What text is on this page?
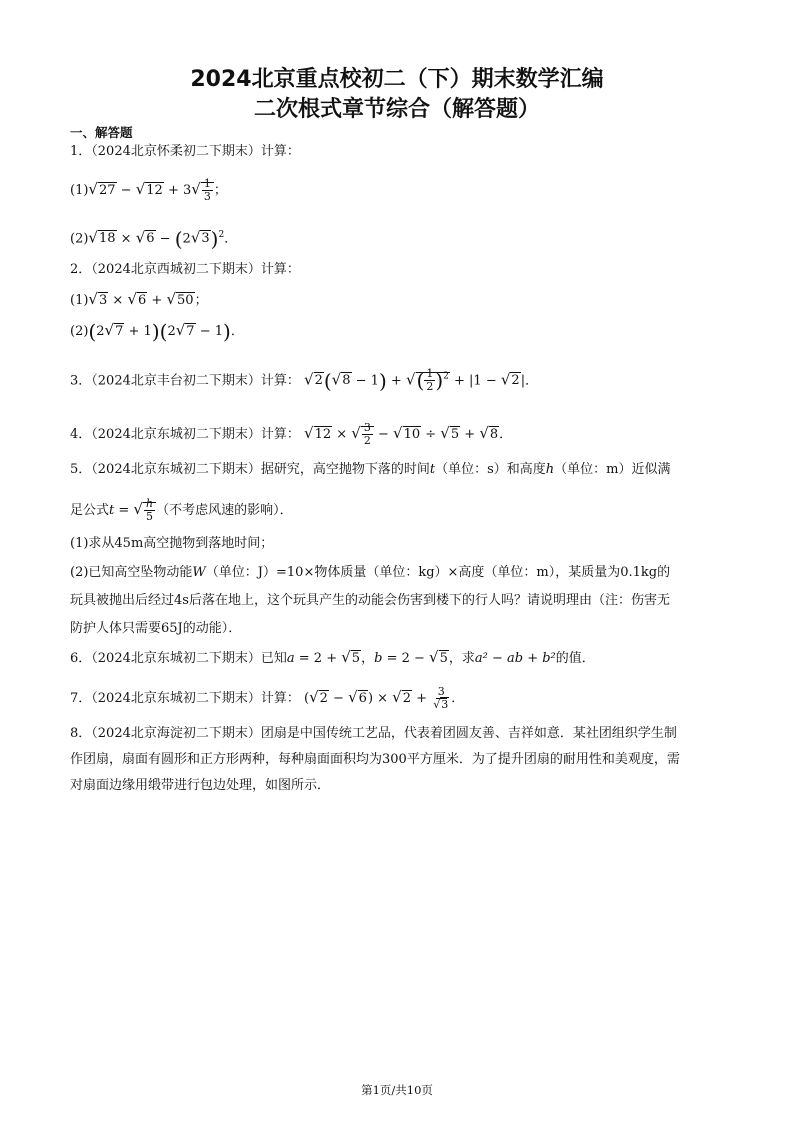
2024北京重点校初二（下）期末数学汇编
二次根式章节综合（解答题）
一、解答题
1．（2024北京怀柔初二下期末）计算：
$(1)√27 - √12 + 3√ \frac{1}{3}$ ；
$(2)√18 \times √6 - (2√3)^2$．
2．（2024北京西城初二下期末）计算：
(1)√3 × √6 + √50；
(2)(2√7 + 1)(2√7 − 1)．
3．（2024北京丰台初二下期末）计算： √2(√8 − 1) + √( $\frac{1}{2} )^2 + |1 - √2|$．
4．（2024北京东城初二下期末）计算： √12 × √ $\frac{3}{2} - √10 \div √5 + √8$．
5．（2024北京东城初二下期末）据研究，高空抛物下落的时间t（单位：s）和高度h（单位：m）近似满
足公式t = √ $\frac{h}{5}$ （不考虑风速的影响）．
(1)求从45m高空抛物到落地时间；
(2)已知高空坠物动能W（单位：J）=10×物体质量（单位：kg）×高度（单位：m），某质量为0.1kg的
玩具被抛出后经过4s后落在地上，这个玩具产生的动能会伤害到楼下的行人吗？请说明理由（注：伤害无
防护人体只需要65J的动能）．
6．（2024北京东城初二下期末）已知a = 2 + √5，b = 2 − √5，求a² − ab + b²的值．
7．（2024北京东城初二下期末）计算： $(√2 - √6) \times √2 + \frac{3}{√3}$ ．
8．（2024北京海淀初二下期末）团扇是中国传统工艺品，代表着团圆友善、吉祥如意．某社团组织学生制
作团扇，扇面有圆形和正方形两种，每种扇面面积均为300平方厘米．为了提升团扇的耐用性和美观度，需
对扇面边缘用缎带进行包边处理，如图所示．
第1页/共10页
